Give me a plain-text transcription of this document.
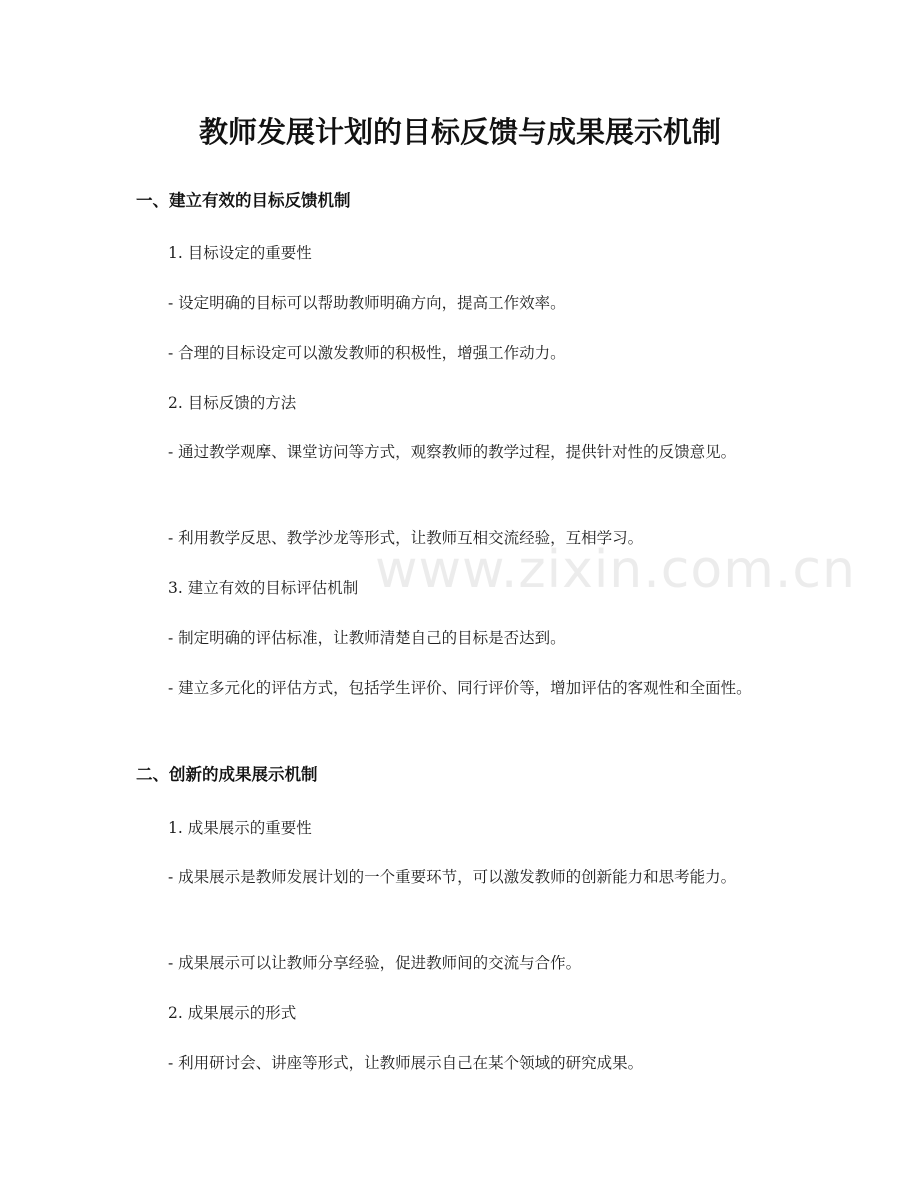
教师发展计划的目标反馈与成果展示机制
一、建立有效的目标反馈机制

1. 目标设定的重要性

- 设定明确的目标可以帮助教师明确方向，提高工作效率。

- 合理的目标设定可以激发教师的积极性，增强工作动力。

2. 目标反馈的方法

- 通过教学观摩、课堂访问等方式，观察教师的教学过程，提供针对性的反馈意见。

- 利用教学反思、教学沙龙等形式，让教师互相交流经验，互相学习。

3. 建立有效的目标评估机制

- 制定明确的评估标准，让教师清楚自己的目标是否达到。

- 建立多元化的评估方式，包括学生评价、同行评价等，增加评估的客观性和全面性。

二、创新的成果展示机制

1. 成果展示的重要性

- 成果展示是教师发展计划的一个重要环节，可以激发教师的创新能力和思考能力。

- 成果展示可以让教师分享经验，促进教师间的交流与合作。

2. 成果展示的形式

- 利用研讨会、讲座等形式，让教师展示自己在某个领域的研究成果。

www.zixin.com.cn
